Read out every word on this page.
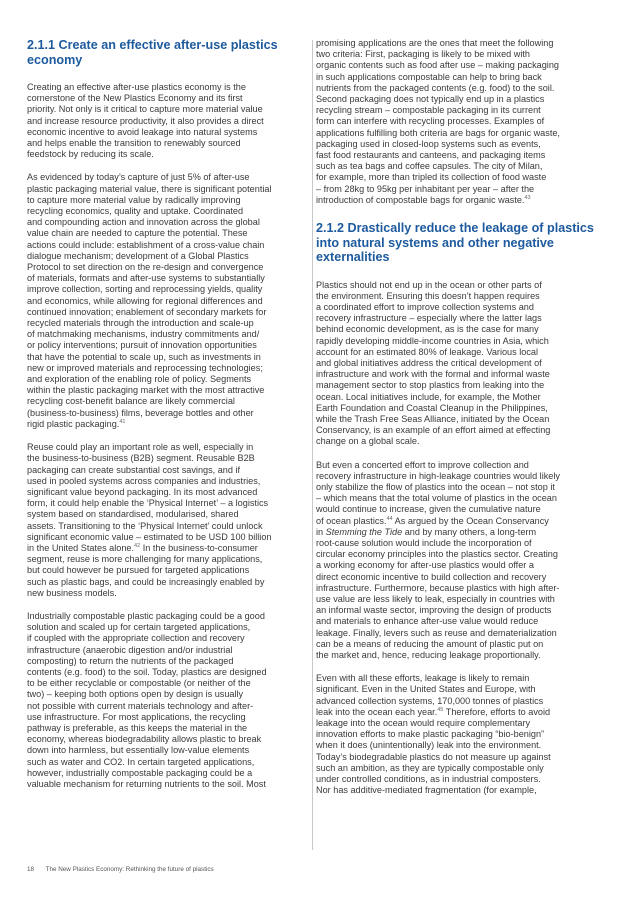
2.1.1 Create an effective after-use plastics
economy

Creating an effective after-use plastics economy is the
cornerstone of the New Plastics Economy and its first
priority. Not only is it critical to capture more material value
and increase resource productivity, it also provides a direct
economic incentive to avoid leakage into natural systems
and helps enable the transition to renewably sourced
feedstock by reducing its scale.

As evidenced by today’s capture of just 5% of after-use
plastic packaging material value, there is significant potential
to capture more material value by radically improving
recycling economics, quality and uptake. Coordinated
and compounding action and innovation across the global
value chain are needed to capture the potential. These
actions could include: establishment of a cross-value chain
dialogue mechanism; development of a Global Plastics
Protocol to set direction on the re-design and convergence
of materials, formats and after-use systems to substantially
improve collection, sorting and reprocessing yields, quality
and economics, while allowing for regional differences and
continued innovation; enablement of secondary markets for
recycled materials through the introduction and scale-up
of matchmaking mechanisms, industry commitments and/
or policy interventions; pursuit of innovation opportunities
that have the potential to scale up, such as investments in
new or improved materials and reprocessing technologies;
and exploration of the enabling role of policy. Segments
within the plastic packaging market with the most attractive
recycling cost-benefit balance are likely commercial
(business-to-business) films, beverage bottles and other
rigid plastic packaging.$^{41}$

Reuse could play an important role as well, especially in
the business-to-business (B2B) segment. Reusable B2B
packaging can create substantial cost savings, and if
used in pooled systems across companies and industries,
significant value beyond packaging. In its most advanced
form, it could help enable the ‘Physical Internet’ – a logistics
system based on standardised, modularised, shared
assets. Transitioning to the ‘Physical Internet’ could unlock
significant economic value – estimated to be USD 100 billion
in the United States alone.$^{42}$ In the business-to-consumer
segment, reuse is more challenging for many applications,
but could however be pursued for targeted applications
such as plastic bags, and could be increasingly enabled by
new business models.

Industrially compostable plastic packaging could be a good
solution and scaled up for certain targeted applications,
if coupled with the appropriate collection and recovery
infrastructure (anaerobic digestion and/or industrial
composting) to return the nutrients of the packaged
contents (e.g. food) to the soil. Today, plastics are designed
to be either recyclable or compostable (or neither of the
two) – keeping both options open by design is usually
not possible with current materials technology and after-
use infrastructure. For most applications, the recycling
pathway is preferable, as this keeps the material in the
economy, whereas biodegradability allows plastic to break
down into harmless, but essentially low-value elements
such as water and CO2. In certain targeted applications,
however, industrially compostable packaging could be a
valuable mechanism for returning nutrients to the soil. Most

promising applications are the ones that meet the following
two criteria: First, packaging is likely to be mixed with
organic contents such as food after use – making packaging
in such applications compostable can help to bring back
nutrients from the packaged contents (e.g. food) to the soil.
Second packaging does not typically end up in a plastics
recycling stream – compostable packaging in its current
form can interfere with recycling processes. Examples of
applications fulfilling both criteria are bags for organic waste,
packaging used in closed-loop systems such as events,
fast food restaurants and canteens, and packaging items
such as tea bags and coffee capsules. The city of Milan,
for example, more than tripled its collection of food waste
– from 28kg to 95kg per inhabitant per year – after the
introduction of compostable bags for organic waste.$^{43}$

2.1.2 Drastically reduce the leakage of plastics
into natural systems and other negative
externalities

Plastics should not end up in the ocean or other parts of
the environment. Ensuring this doesn’t happen requires
a coordinated effort to improve collection systems and
recovery infrastructure – especially where the latter lags
behind economic development, as is the case for many
rapidly developing middle-income countries in Asia, which
account for an estimated 80% of leakage. Various local
and global initiatives address the critical development of
infrastructure and work with the formal and informal waste
management sector to stop plastics from leaking into the
ocean. Local initiatives include, for example, the Mother
Earth Foundation and Coastal Cleanup in the Philippines,
while the Trash Free Seas Alliance, initiated by the Ocean
Conservancy, is an example of an effort aimed at effecting
change on a global scale.

But even a concerted effort to improve collection and
recovery infrastructure in high-leakage countries would likely
only stabilize the flow of plastics into the ocean – not stop it
– which means that the total volume of plastics in the ocean
would continue to increase, given the cumulative nature
of ocean plastics.$^{44}$ As argued by the Ocean Conservancy
in Stemming the Tide and by many others, a long-term
root-cause solution would include the incorporation of
circular economy principles into the plastics sector. Creating
a working economy for after-use plastics would offer a
direct economic incentive to build collection and recovery
infrastructure. Furthermore, because plastics with high after-
use value are less likely to leak, especially in countries with
an informal waste sector, improving the design of products
and materials to enhance after-use value would reduce
leakage. Finally, levers such as reuse and dematerialization
can be a means of reducing the amount of plastic put on
the market and, hence, reducing leakage proportionally.

Even with all these efforts, leakage is likely to remain
significant. Even in the United States and Europe, with
advanced collection systems, 170,000 tonnes of plastics
leak into the ocean each year.$^{45}$ Therefore, efforts to avoid
leakage into the ocean would require complementary
innovation efforts to make plastic packaging “bio-benign”
when it does (unintentionally) leak into the environment.
Today’s biodegradable plastics do not measure up against
such an ambition, as they are typically compostable only
under controlled conditions, as in industrial composters.
Nor has additive-mediated fragmentation (for example,

18 The New Plastics Economy: Rethinking the future of plastics
